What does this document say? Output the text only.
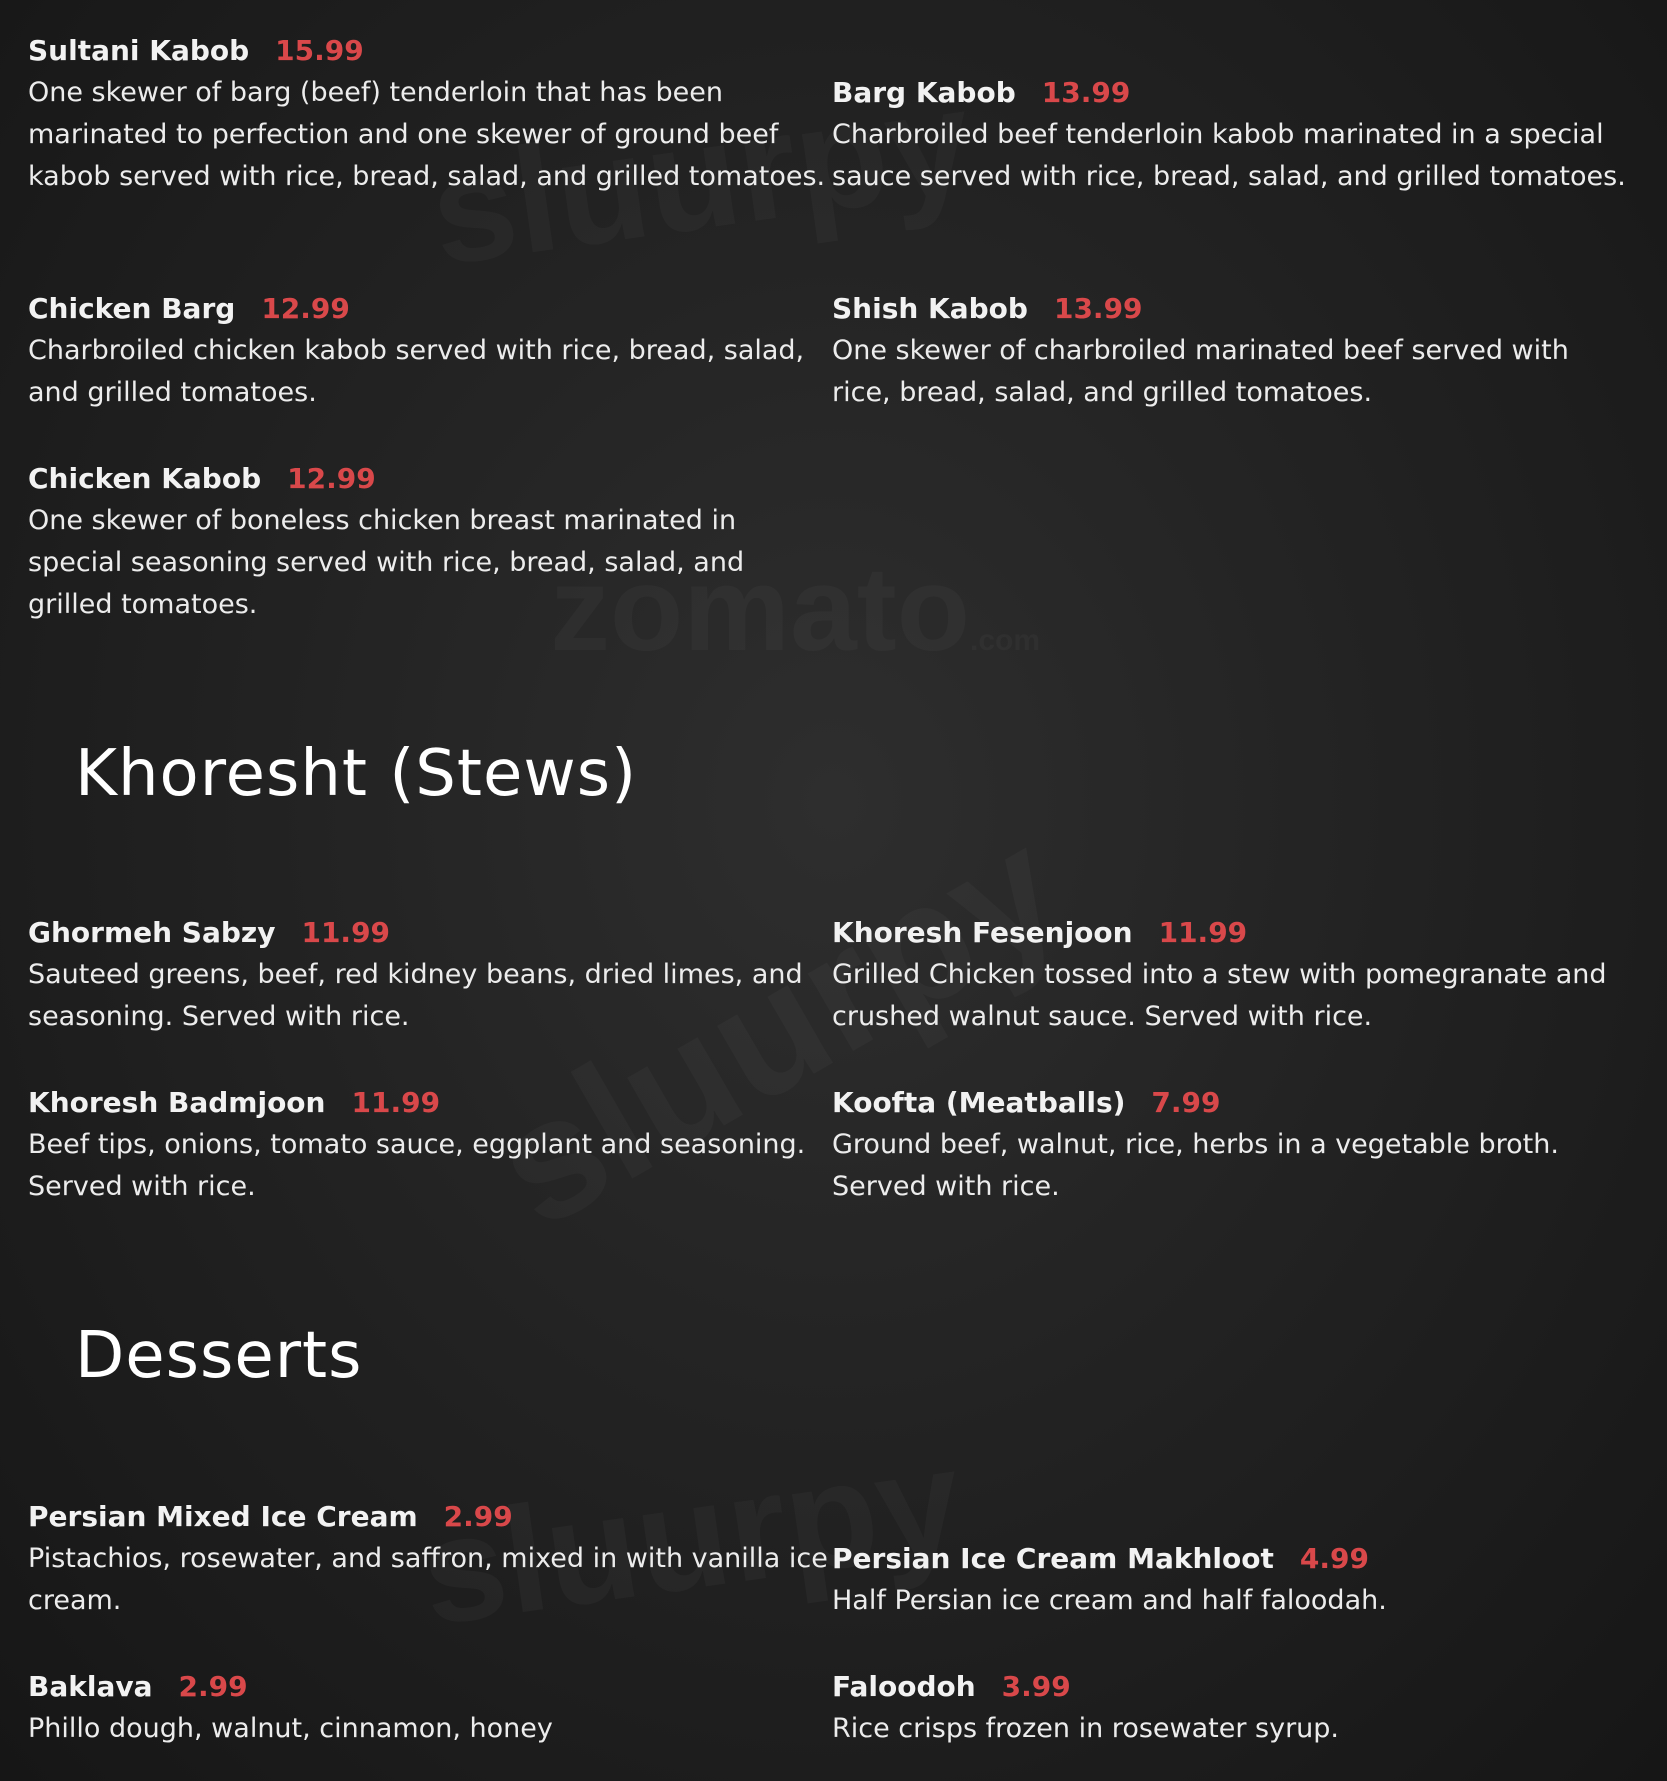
Sultani Kabob 15.99
One skewer of barg (beef) tenderloin that has been marinated to perfection and one skewer of ground beef kabob served with rice, bread, salad, and grilled tomatoes.
Barg Kabob 13.99
Charbroiled beef tenderloin kabob marinated in a special sauce served with rice, bread, salad, and grilled tomatoes.
Chicken Barg 12.99
Charbroiled chicken kabob served with rice, bread, salad, and grilled tomatoes.
Shish Kabob 13.99
One skewer of charbroiled marinated beef served with rice, bread, salad, and grilled tomatoes.
Chicken Kabob 12.99
One skewer of boneless chicken breast marinated in special seasoning served with rice, bread, salad, and grilled tomatoes.
Khoresht (Stews)
Ghormeh Sabzy 11.99
Sauteed greens, beef, red kidney beans, dried limes, and seasoning. Served with rice.
Khoresh Fesenjoon 11.99
Grilled Chicken tossed into a stew with pomegranate and crushed walnut sauce. Served with rice.
Khoresh Badmjoon 11.99
Beef tips, onions, tomato sauce, eggplant and seasoning. Served with rice.
Koofta (Meatballs) 7.99
Ground beef, walnut, rice, herbs in a vegetable broth. Served with rice.
Desserts
Persian Mixed Ice Cream 2.99
Pistachios, rosewater, and saffron, mixed in with vanilla ice cream.
Persian Ice Cream Makhloot 4.99
Half Persian ice cream and half faloodah.
Baklava 2.99
Phillo dough, walnut, cinnamon, honey
Faloodoh 3.99
Rice crisps frozen in rosewater syrup.
